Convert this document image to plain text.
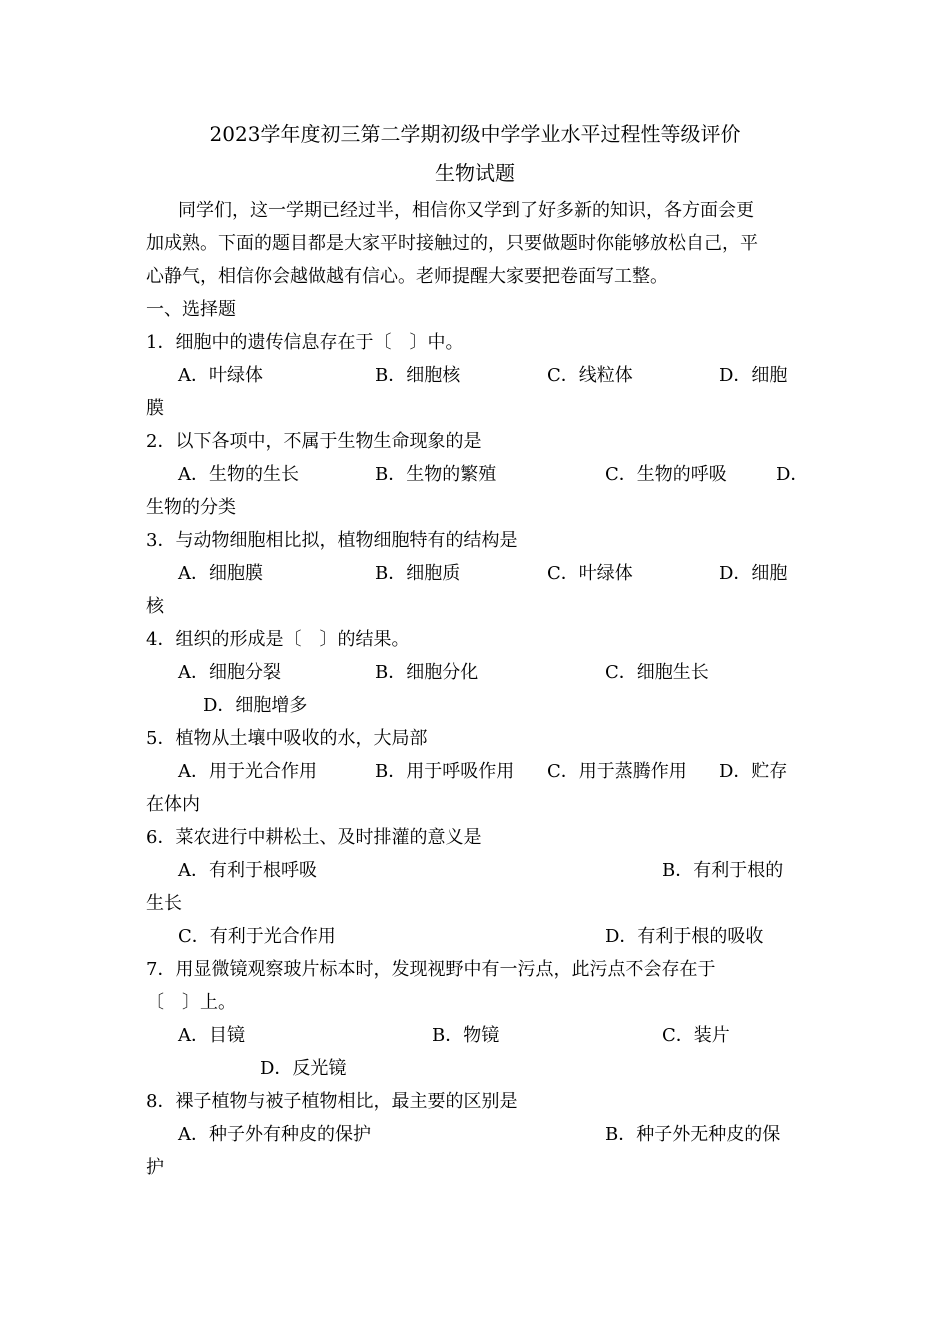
2023学年度初三第二学期初级中学学业水平过程性等级评价
生物试题
同学们，这一学期已经过半，相信你又学到了好多新的知识，各方面会更
加成熟。下面的题目都是大家平时接触过的，只要做题时你能够放松自己，平
心静气，相信你会越做越有信心。老师提醒大家要把卷面写工整。
一、选择题
1．细胞中的遗传信息存在于〔　〕中。
A．叶绿体	B．细胞核	C．线粒体	D．细胞
膜
2．以下各项中，不属于生物生命现象的是
A．生物的生长	B．生物的繁殖	C．生物的呼吸	D．
生物的分类
3．与动物细胞相比拟，植物细胞特有的结构是
A．细胞膜	B．细胞质	C．叶绿体	D．细胞
核
4．组织的形成是〔　〕的结果。
A．细胞分裂	B．细胞分化	C．细胞生长
D．细胞增多
5．植物从土壤中吸收的水，大局部
A．用于光合作用	B．用于呼吸作用 C．用于蒸腾作用 D．贮存
在体内
6．菜农进行中耕松土、及时排灌的意义是
A．有利于根呼吸	B．有利于根的
生长
C．有利于光合作用	D．有利于根的吸收
7．用显微镜观察玻片标本时，发现视野中有一污点，此污点不会存在于
〔　〕上。
A．目镜	B．物镜	C．装片
D．反光镜
8．裸子植物与被子植物相比，最主要的区别是
A．种子外有种皮的保护	B．种子外无种皮的保
护
